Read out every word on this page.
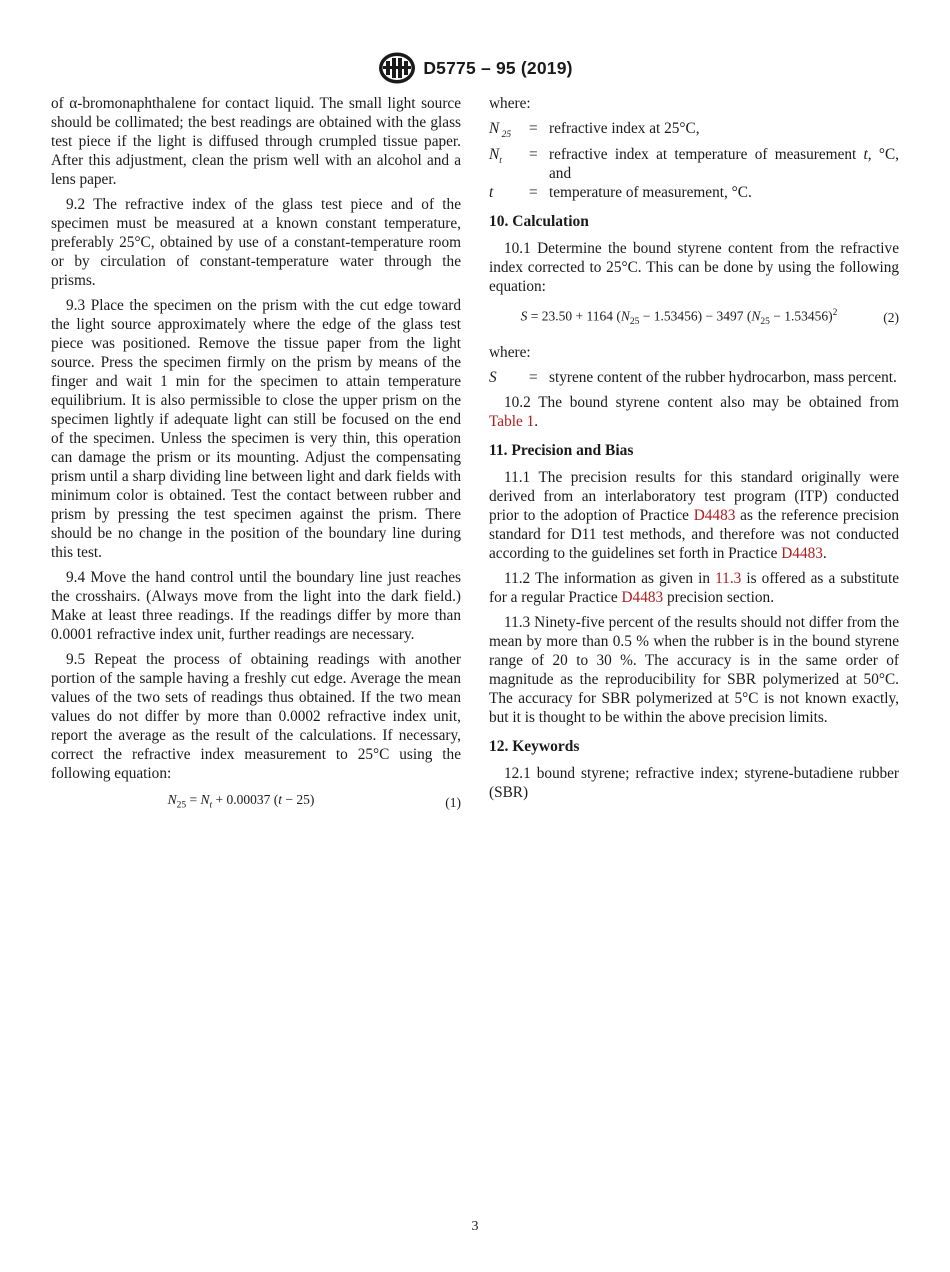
D5775 – 95 (2019)

of α-bromonaphthalene for contact liquid. The small light source should be collimated; the best readings are obtained with the glass test piece if the light is diffused through crumpled tissue paper. After this adjustment, clean the prism well with an alcohol and a lens paper.

9.2 The refractive index of the glass test piece and of the specimen must be measured at a known constant temperature, preferably 25°C, obtained by use of a constant-temperature room or by circulation of constant-temperature water through the prisms.

9.3 Place the specimen on the prism with the cut edge toward the light source approximately where the edge of the glass test piece was positioned. Remove the tissue paper from the light source. Press the specimen firmly on the prism by means of the finger and wait 1 min for the specimen to attain temperature equilibrium. It is also permissible to close the upper prism on the specimen lightly if adequate light can still be focused on the end of the specimen. Unless the specimen is very thin, this operation can damage the prism or its mounting. Adjust the compensating prism until a sharp dividing line between light and dark fields with minimum color is obtained. Test the contact between rubber and prism by pressing the test specimen against the prism. There should be no change in the position of the boundary line during this test.

9.4 Move the hand control until the boundary line just reaches the crosshairs. (Always move from the light into the dark field.) Make at least three readings. If the readings differ by more than 0.0001 refractive index unit, further readings are necessary.

9.5 Repeat the process of obtaining readings with another portion of the sample having a freshly cut edge. Average the mean values of the two sets of readings thus obtained. If the two mean values do not differ by more than 0.0002 refractive index unit, report the average as the result of the calculations. If necessary, correct the refractive index measurement to 25°C using the following equation:

$N_{25} = N_t + 0.00037$ (t − 25)	(1)

where:

N $_{25}$	= refractive index at 25°C,
$N_t$	= refractive index at temperature of measurement t, °C, and
t	= temperature of measurement, °C.
10. Calculation

10.1 Determine the bound styrene content from the refractive index corrected to 25°C. This can be done by using the following equation:

S = 23.50 + 1164 $(N_{25} - 1.53456) - 3497$ $(N_{25} - 1.53456)^2$	(2)

where:

S	= styrene content of the rubber hydrocarbon, mass percent.

10.2 The bound styrene content also may be obtained from Table 1.

11. Precision and Bias

11.1 The precision results for this standard originally were derived from an interlaboratory test program (ITP) conducted prior to the adoption of Practice D4483 as the reference precision standard for D11 test methods, and therefore was not conducted according to the guidelines set forth in Practice D4483.

11.2 The information as given in 11.3 is offered as a substitute for a regular Practice D4483 precision section.

11.3 Ninety-five percent of the results should not differ from the mean by more than 0.5 % when the rubber is in the bound styrene range of 20 to 30 %. The accuracy is in the same order of magnitude as the reproducibility for SBR polymerized at 50°C. The accuracy for SBR polymerized at 5°C is not known exactly, but it is thought to be within the above precision limits.

12. Keywords

12.1 bound styrene; refractive index; styrene-butadiene rubber (SBR)

3
